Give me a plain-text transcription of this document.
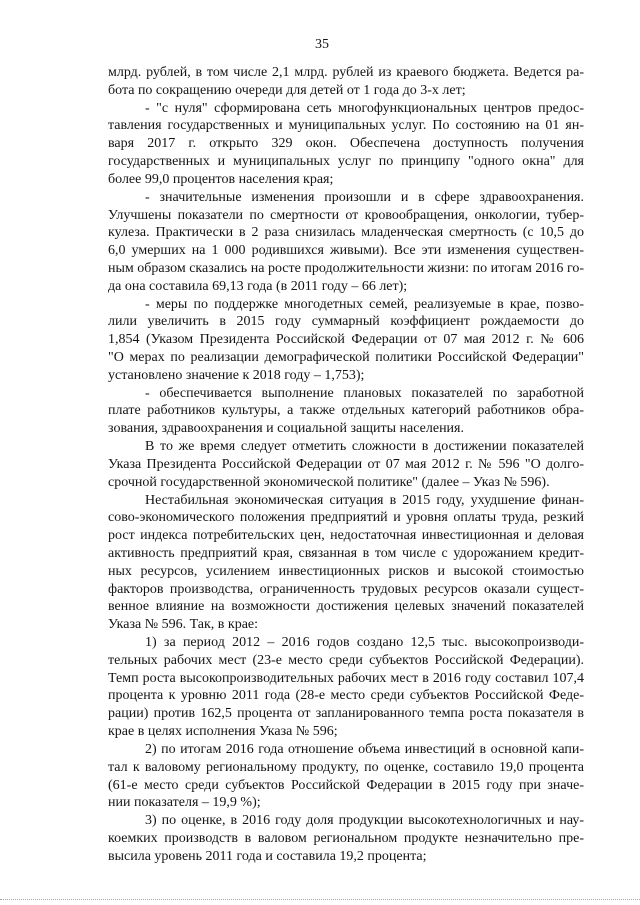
35
млрд. рублей, в том числе 2,1 млрд. рублей из краевого бюджета. Ведется ра-
бота по сокращению очереди для детей от 1 года до 3-х лет;
- "с нуля" сформирована сеть многофункциональных центров предос-
тавления государственных и муниципальных услуг. По состоянию на 01 ян-
варя 2017 г. открыто 329 окон. Обеспечена доступность получения
государственных и муниципальных услуг по принципу "одного окна" для
более 99,0 процентов населения края;
- значительные изменения произошли и в сфере здравоохранения.
Улучшены показатели по смертности от кровообращения, онкологии, тубер-
кулеза. Практически в 2 раза снизилась младенческая смертность (с 10,5 до
6,0 умерших на 1 000 родившихся живыми). Все эти изменения существен-
ным образом сказались на росте продолжительности жизни: по итогам 2016 го-
да она составила 69,13 года (в 2011 году – 66 лет);
- меры по поддержке многодетных семей, реализуемые в крае, позво-
лили увеличить в 2015 году суммарный коэффициент рождаемости до
1,854 (Указом Президента Российской Федерации от 07 мая 2012 г. № 606
"О мерах по реализации демографической политики Российской Федерации"
установлено значение к 2018 году – 1,753);
- обеспечивается выполнение плановых показателей по заработной
плате работников культуры, а также отдельных категорий работников обра-
зования, здравоохранения и социальной защиты населения.
В то же время следует отметить сложности в достижении показателей
Указа Президента Российской Федерации от 07 мая 2012 г. № 596 "О долго-
срочной государственной экономической политике" (далее – Указ № 596).
Нестабильная экономическая ситуация в 2015 году, ухудшение финан-
сово-экономического положения предприятий и уровня оплаты труда, резкий
рост индекса потребительских цен, недостаточная инвестиционная и деловая
активность предприятий края, связанная в том числе с удорожанием кредит-
ных ресурсов, усилением инвестиционных рисков и высокой стоимостью
факторов производства, ограниченность трудовых ресурсов оказали сущест-
венное влияние на возможности достижения целевых значений показателей
Указа № 596. Так, в крае:
1) за период 2012 – 2016 годов создано 12,5 тыс. высокопроизводи-
тельных рабочих мест (23-е место среди субъектов Российской Федерации).
Темп роста высокопроизводительных рабочих мест в 2016 году составил 107,4
процента к уровню 2011 года (28-е место среди субъектов Российской Феде-
рации) против 162,5 процента от запланированного темпа роста показателя в
крае в целях исполнения Указа № 596;
2) по итогам 2016 года отношение объема инвестиций в основной капи-
тал к валовому региональному продукту, по оценке, составило 19,0 процента
(61-е место среди субъектов Российской Федерации в 2015 году при значе-
нии показателя – 19,9 %);
3) по оценке, в 2016 году доля продукции высокотехнологичных и нау-
коемких производств в валовом региональном продукте незначительно пре-
высила уровень 2011 года и составила 19,2 процента;
